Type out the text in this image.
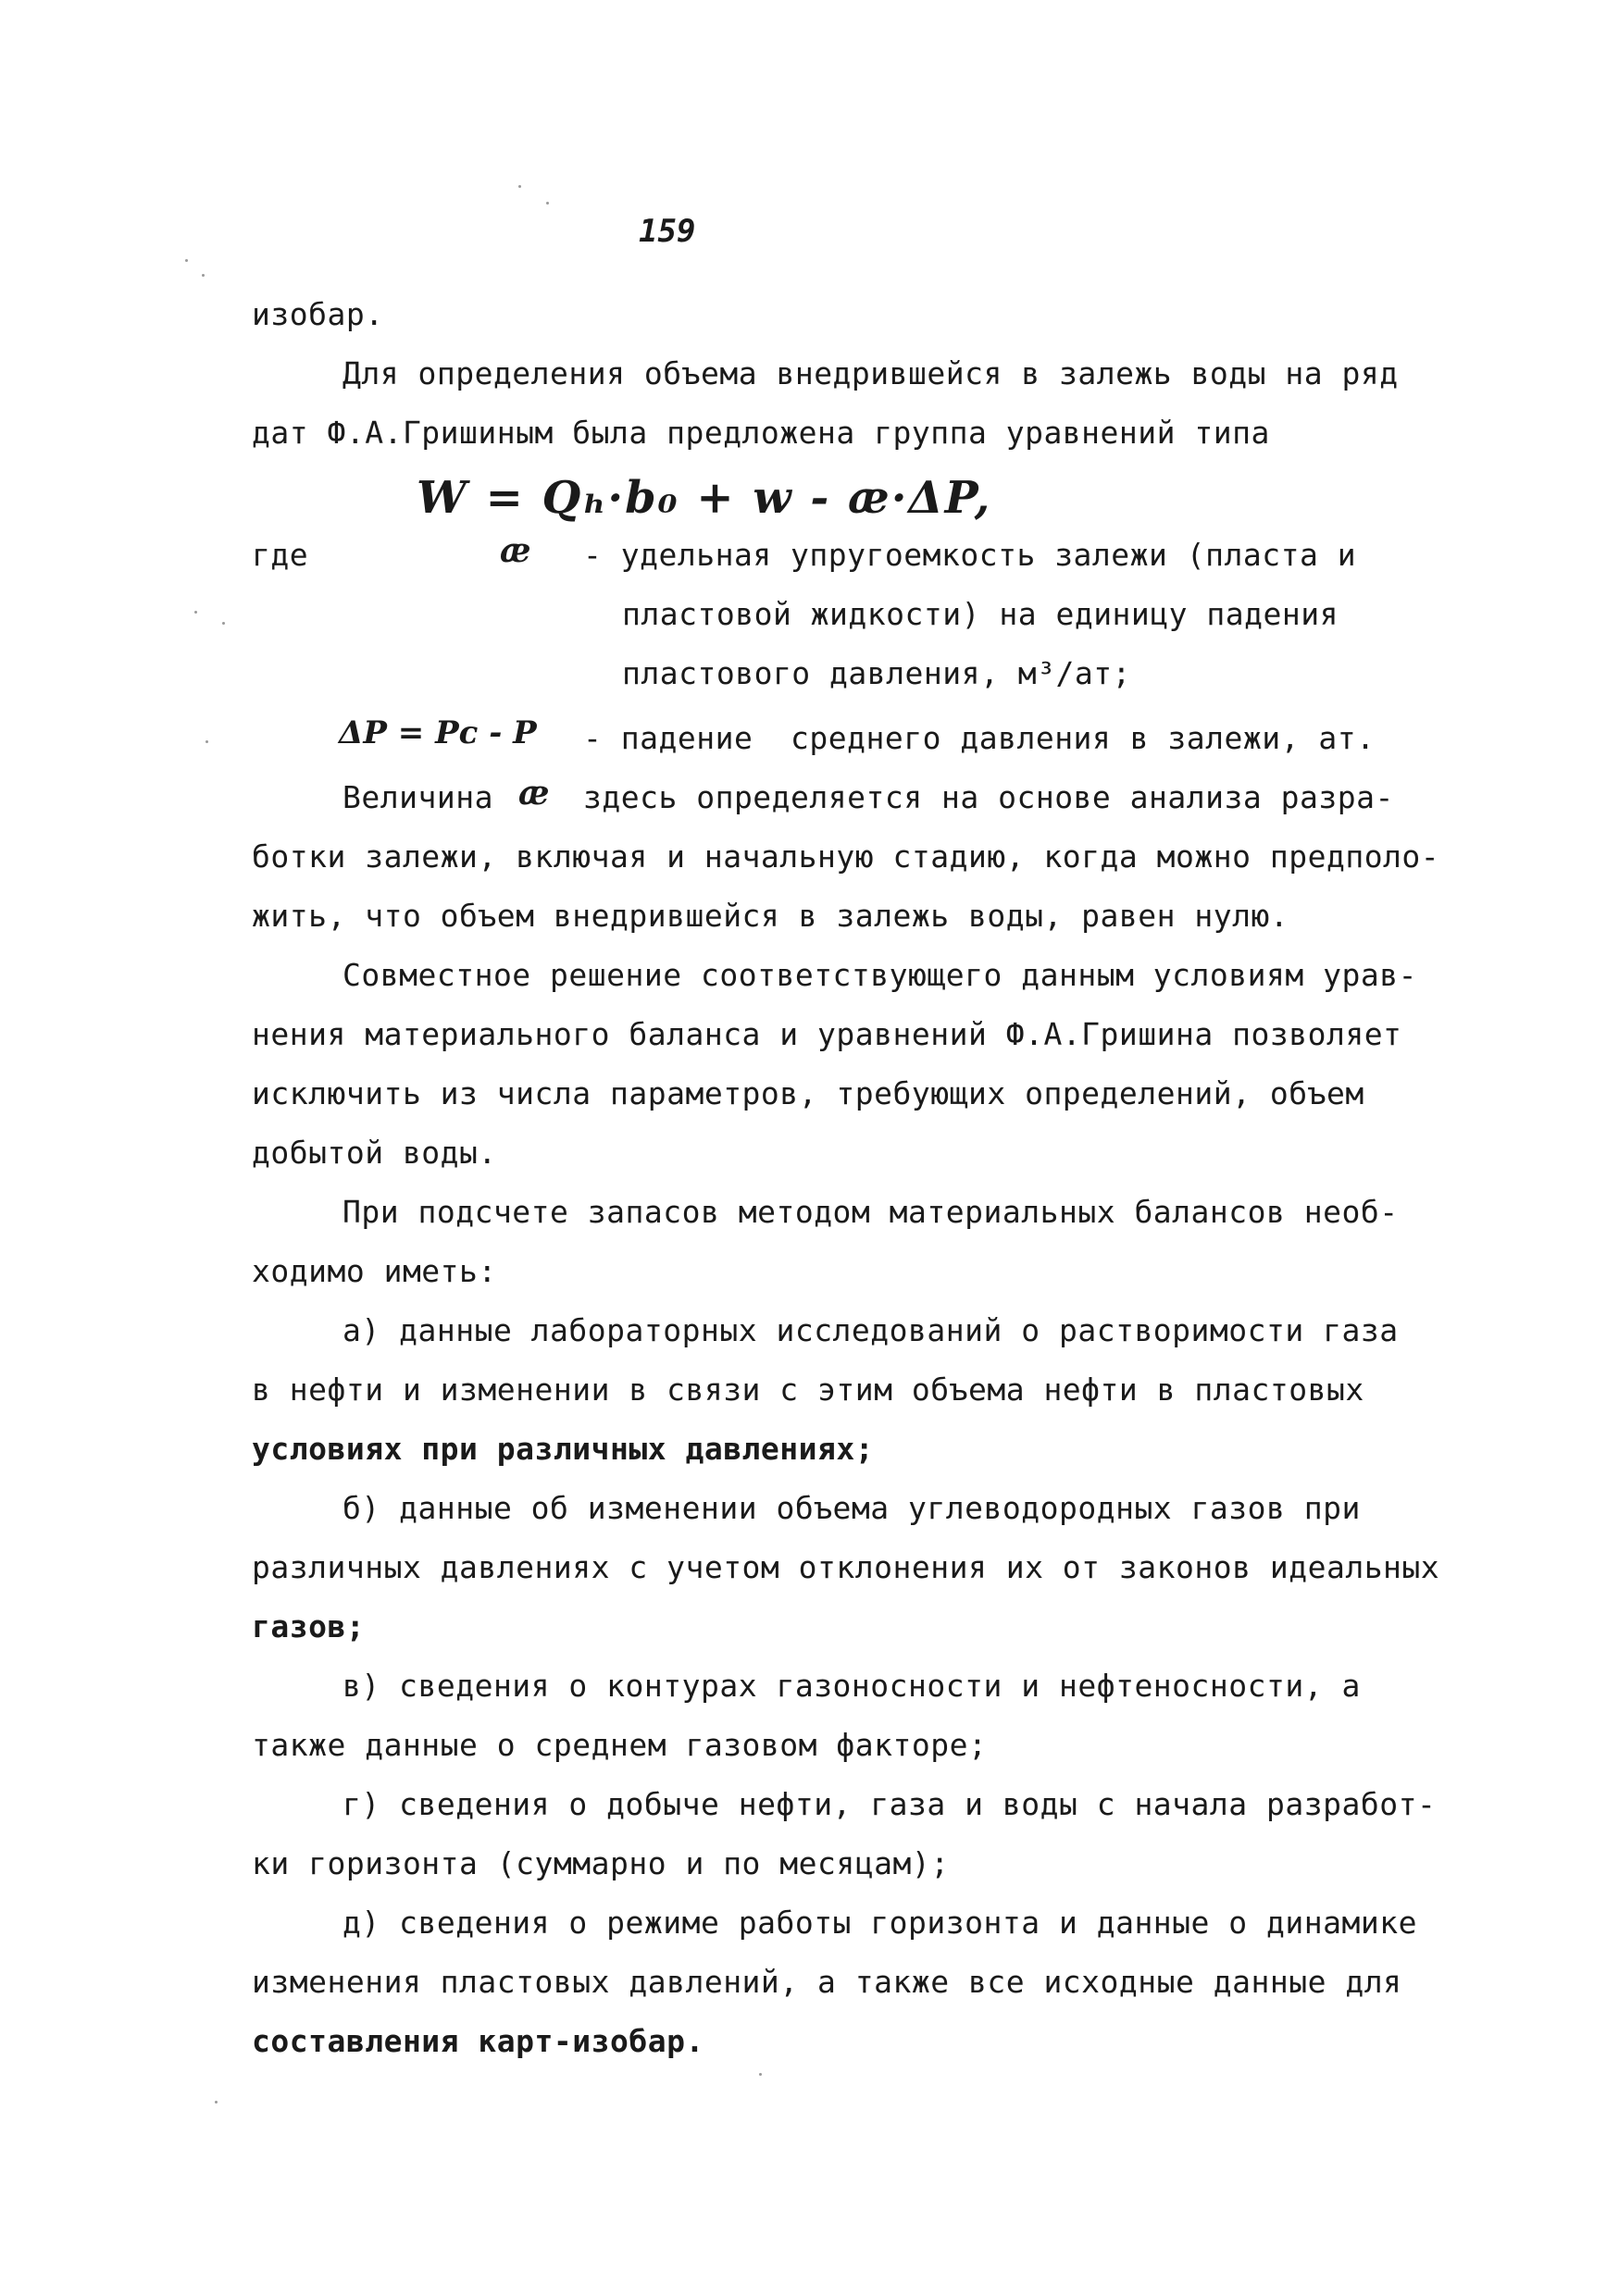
159
изобар.
Для определения объема внедрившейся в залежь воды на ряд
дат Ф.А.Гришиным была предложена группа уравнений типа
W = Qₕ·b₀ + w - æ·ΔP,
где	æ - удельная упругоемкость залежи (пласта и
пластовой жидкости) на единицу падения
пластового давления, м³/ат;
ΔP = Pᴄ - P - падение  среднего давления в залежи, ат.
Величина æ здесь определяется на основе анализа разра-
ботки залежи, включая и начальную стадию, когда можно предполо-
жить, что объем внедрившейся в залежь воды, равен нулю.
Совместное решение соответствующего данным условиям урав-
нения материального баланса и уравнений Ф.А.Гришина позволяет
исключить из числа параметров, требующих определений, объем
добытой воды.
При подсчете запасов методом материальных балансов необ-
ходимо иметь:
а) данные лабораторных исследований о растворимости газа
в нефти и изменении в связи с этим объема нефти в пластовых
условиях при различных давлениях;
б) данные об изменении объема углеводородных газов при
различных давлениях с учетом отклонения их от законов идеальных
газов;
в) сведения о контурах газоносности и нефтеносности, а
также данные о среднем газовом факторе;
г) сведения о добыче нефти, газа и воды с начала разработ-
ки горизонта (суммарно и по месяцам);
д) сведения о режиме работы горизонта и данные о динамике
изменения пластовых давлений, а также все исходные данные для
составления карт-изобар.
